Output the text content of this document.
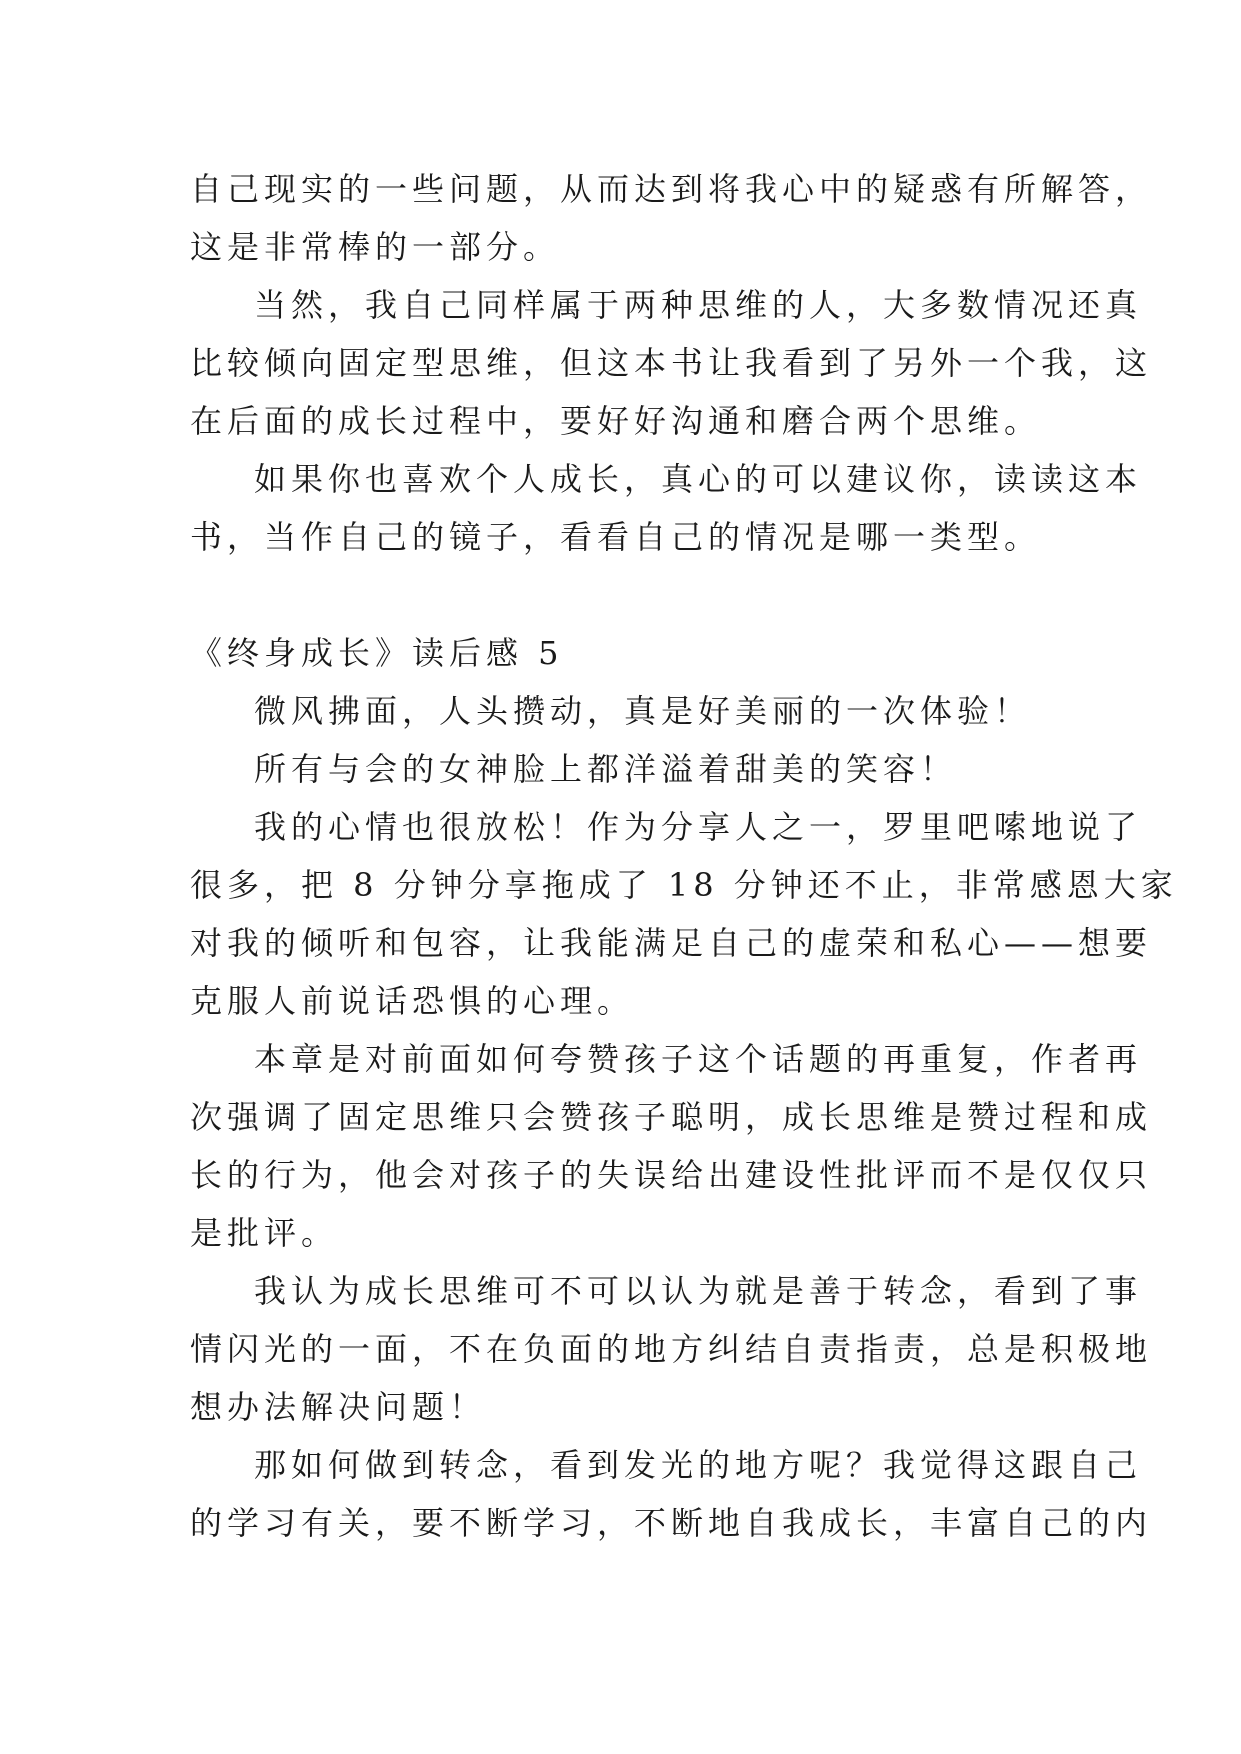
自己现实的一些问题，从而达到将我心中的疑惑有所解答，
这是非常棒的一部分。
当然，我自己同样属于两种思维的人，大多数情况还真
比较倾向固定型思维，但这本书让我看到了另外一个我，这
在后面的成长过程中，要好好沟通和磨合两个思维。
如果你也喜欢个人成长，真心的可以建议你，读读这本
书，当作自己的镜子，看看自己的情况是哪一类型。
《终身成长》读后感 5
微风拂面，人头攒动，真是好美丽的一次体验！
所有与会的女神脸上都洋溢着甜美的笑容！
我的心情也很放松！作为分享人之一，罗里吧嗦地说了
很多，把 8 分钟分享拖成了 18 分钟还不止，非常感恩大家
对我的倾听和包容，让我能满足自己的虚荣和私心——想要
克服人前说话恐惧的心理。
本章是对前面如何夸赞孩子这个话题的再重复，作者再
次强调了固定思维只会赞孩子聪明，成长思维是赞过程和成
长的行为，他会对孩子的失误给出建设性批评而不是仅仅只
是批评。
我认为成长思维可不可以认为就是善于转念，看到了事
情闪光的一面，不在负面的地方纠结自责指责，总是积极地
想办法解决问题！
那如何做到转念，看到发光的地方呢？我觉得这跟自己
的学习有关，要不断学习，不断地自我成长，丰富自己的内
